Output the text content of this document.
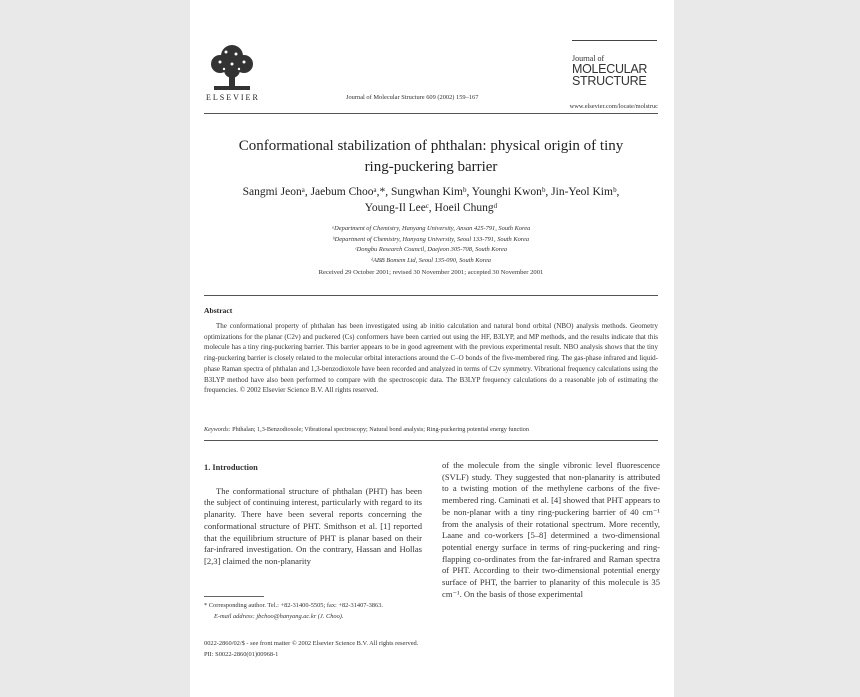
ELSEVIER	Journal of Molecular Structure 609 (2002) 159–167
Journal of
MOLECULAR
STRUCTURE
www.elsevier.com/locate/molstruc
Conformational stabilization of phthalan: physical origin of tiny
ring-puckering barrier
Sangmi Jeonᵃ, Jaebum Chooᵃ,*, Sungwhan Kimᵇ, Younghi Kwonᵇ, Jin-Yeol Kimᵇ,
Young-Il Leeᶜ, Hoeil Chungᵈ
ᵃDepartment of Chemistry, Hanyang University, Ansan 425-791, South Korea
ᵇDepartment of Chemistry, Hanyang University, Seoul 133-791, South Korea
ᶜDongbu Research Council, Daejeon 305-708, South Korea
ᵈABB Bomem Ltd, Seoul 135-090, South Korea
Received 29 October 2001; revised 30 November 2001; accepted 30 November 2001
Abstract
The conformational property of phthalan has been investigated using ab initio calculation and natural bond orbital (NBO) analysis methods. Geometry optimizations for the planar (C2v) and puckered (Cs) conformers have been carried out using the HF, B3LYP, and MP methods, and the results indicate that this molecule has a tiny ring-puckering barrier. This barrier appears to be in good agreement with the previous experimental result. NBO analysis shows that the tiny ring-puckering barrier is closely related to the molecular orbital interactions around the C–O bonds of the five-membered ring. The gas-phase infrared and liquid-phase Raman spectra of phthalan and 1,3-benzodioxole have been recorded and analyzed in terms of C2v symmetry. Vibrational frequency calculations using the B3LYP method have also been performed to compare with the spectroscopic data. The B3LYP frequency calculations do a reasonable job of estimating the frequencies. © 2002 Elsevier Science B.V. All rights reserved.
Keywords: Phthalan; 1,3-Benzodioxole; Vibrational spectroscopy; Natural bond analysis; Ring-puckering potential energy function
1. Introduction

The conformational structure of phthalan (PHT) has been the subject of continuing interest, particularly with regard to its planarity. There have been several reports concerning the conformational structure of PHT. Smithson et al. [1] reported that the equilibrium structure of PHT is planar based on their far-infrared investigation. On the contrary, Hassan and Hollas [2,3] claimed the non-planarity

of the molecule from the single vibronic level fluorescence (SVLF) study. They suggested that non-planarity is attributed to a twisting motion of the methylene carbons of the five-membered ring. Caminati et al. [4] showed that PHT appears to be non-planar with a tiny ring-puckering barrier of 40 cm⁻¹ from the analysis of their rotational spectrum. More recently, Laane and co-workers [5–8] determined a two-dimensional potential energy surface in terms of ring-puckering and ring-flapping co-ordinates from the far-infrared and Raman spectra of PHT. According to their two-dimensional potential energy surface of PHT, the barrier to planarity of this molecule is 35 cm⁻¹. On the basis of those experimental

* Corresponding author. Tel.: +82-31400-5505; fax: +82-31407-3863.
E-mail address: jbchoo@hanyang.ac.kr (J. Choo).
0022-2860/02/$ - see front matter © 2002 Elsevier Science B.V. All rights reserved.
PII: S0022-2860(01)00968-1
